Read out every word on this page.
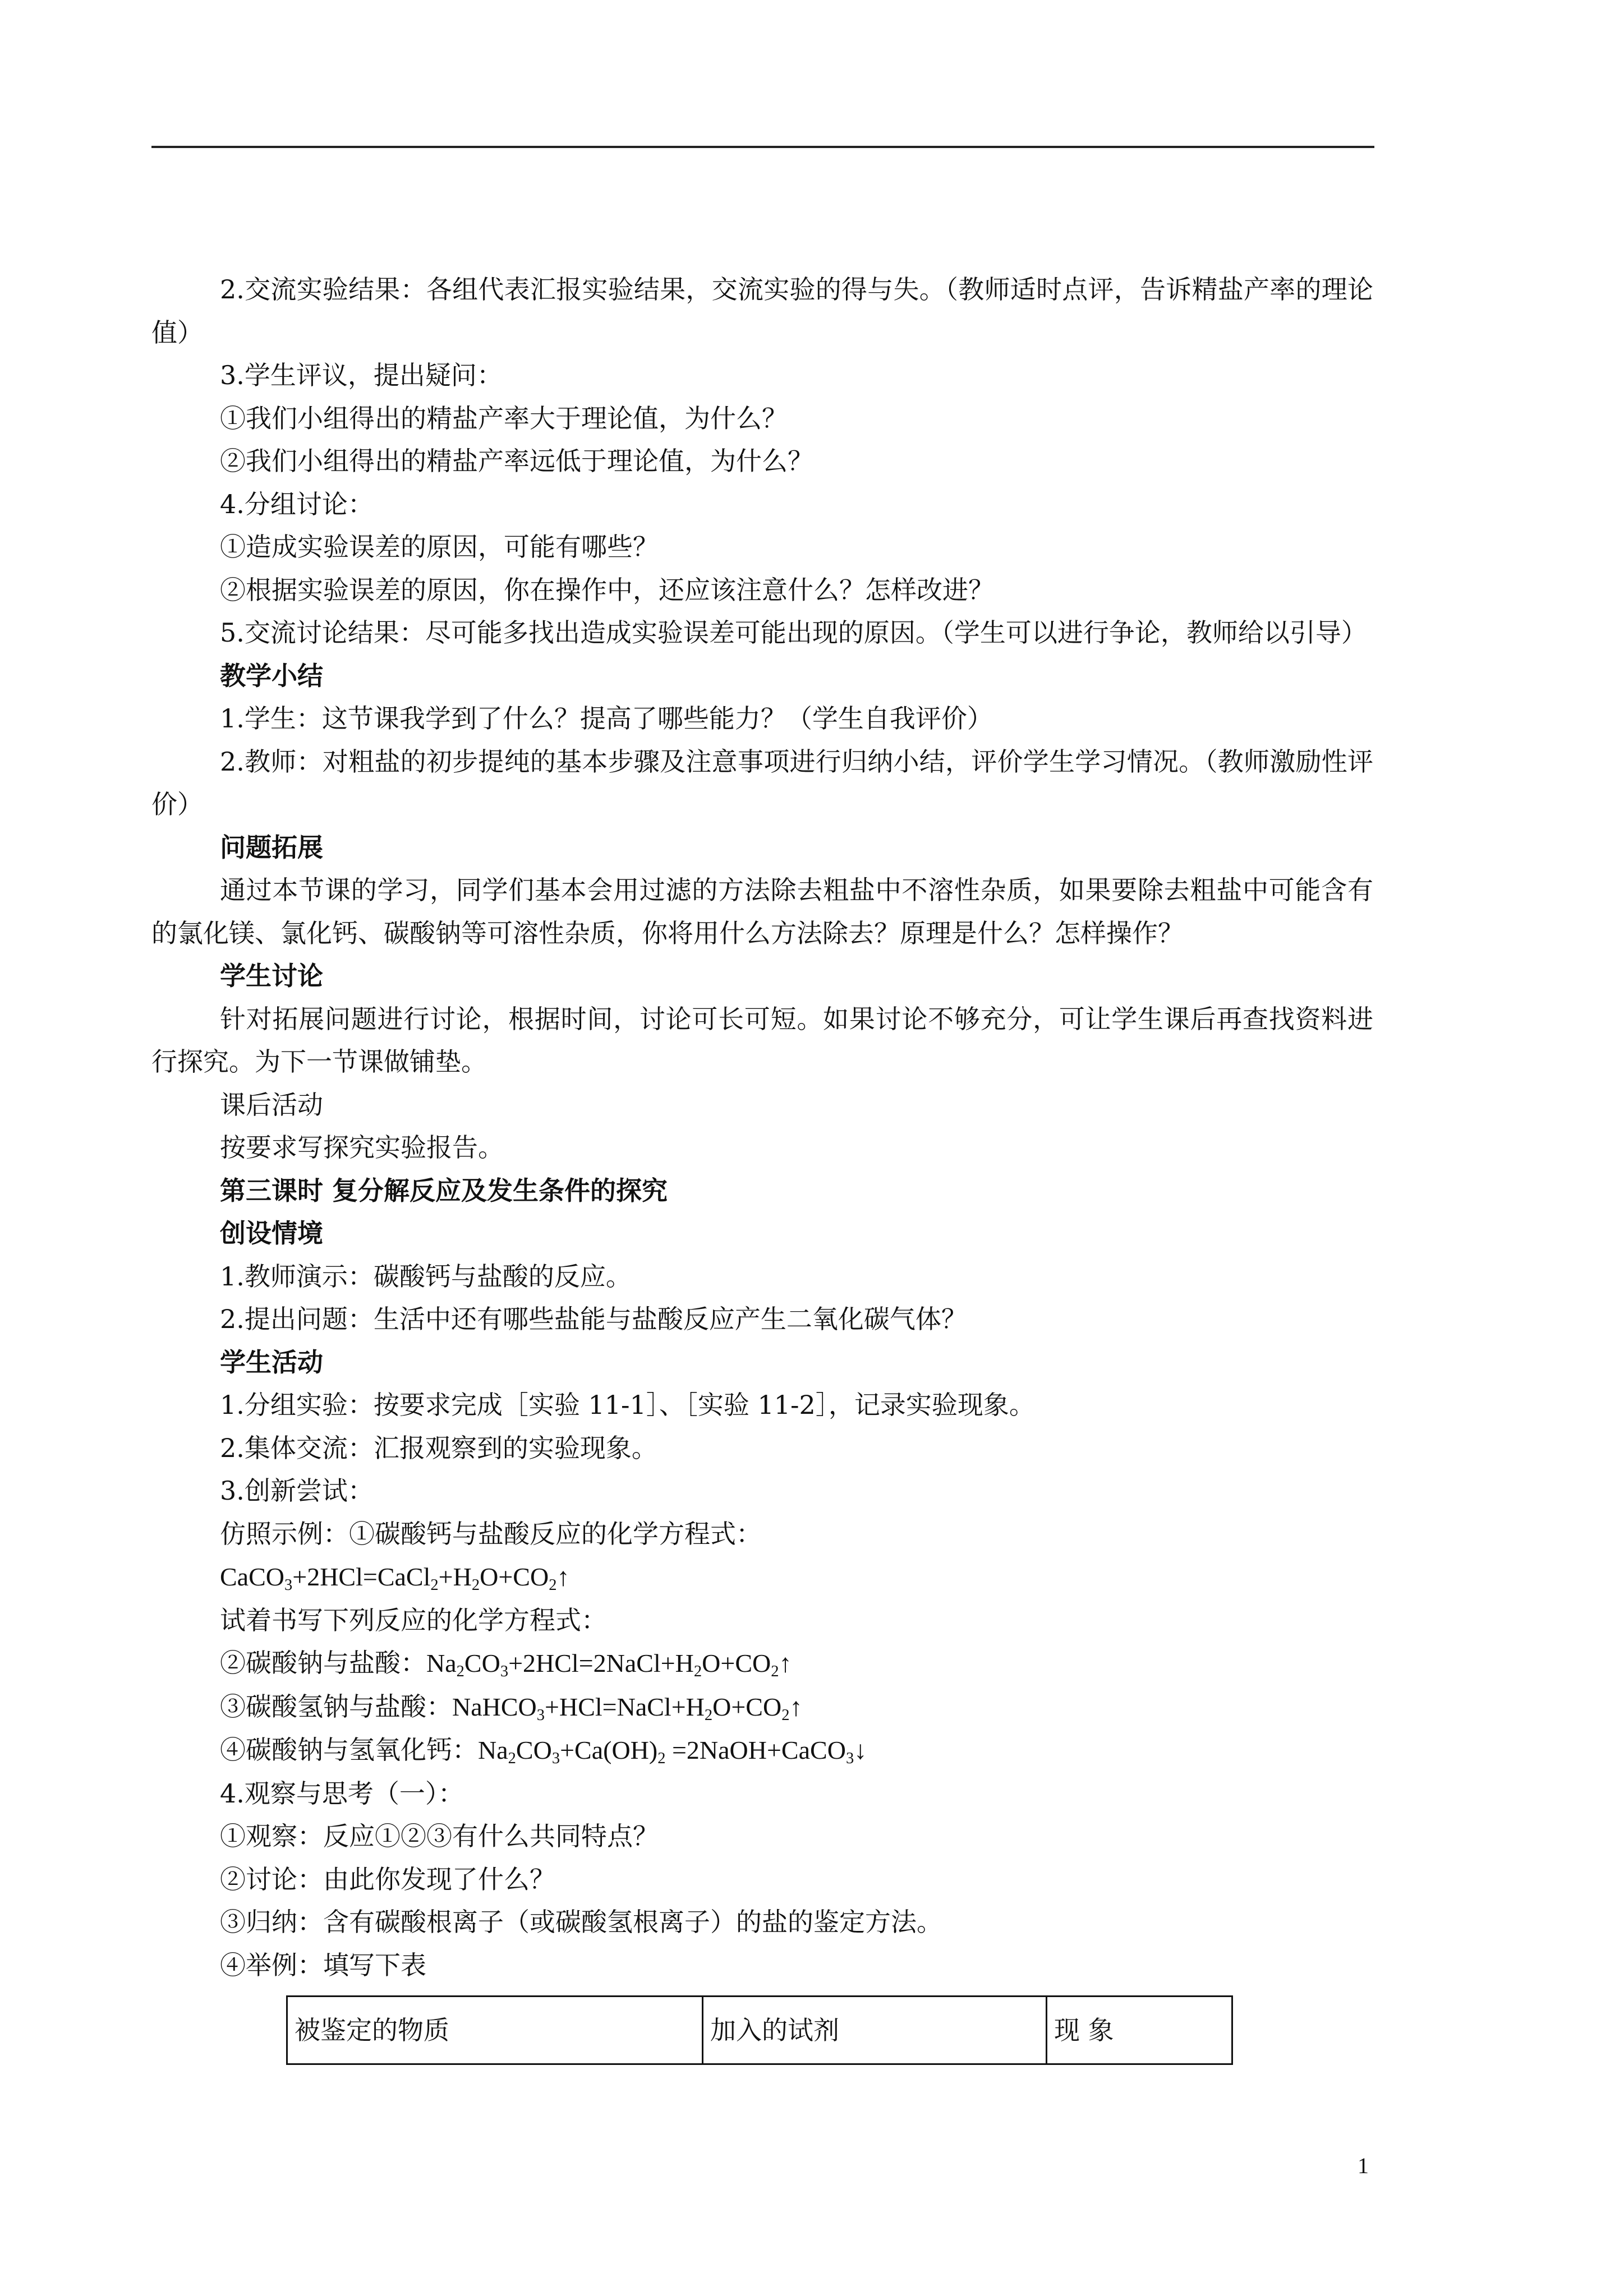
2.交流实验结果：各组代表汇报实验结果，交流实验的得与失。（教师适时点评，告诉精盐产率的理论值）

3.学生评议，提出疑问：

①我们小组得出的精盐产率大于理论值，为什么？

②我们小组得出的精盐产率远低于理论值，为什么？

4.分组讨论：

①造成实验误差的原因，可能有哪些？

②根据实验误差的原因，你在操作中，还应该注意什么？怎样改进？

5.交流讨论结果：尽可能多找出造成实验误差可能出现的原因。（学生可以进行争论，教师给以引导）

教学小结

1.学生：这节课我学到了什么？提高了哪些能力？（学生自我评价）

2.教师：对粗盐的初步提纯的基本步骤及注意事项进行归纳小结，评价学生学习情况。（教师激励性评价）

问题拓展

通过本节课的学习，同学们基本会用过滤的方法除去粗盐中不溶性杂质，如果要除去粗盐中可能含有的氯化镁、氯化钙、碳酸钠等可溶性杂质，你将用什么方法除去？原理是什么？怎样操作？

学生讨论

针对拓展问题进行讨论，根据时间，讨论可长可短。如果讨论不够充分，可让学生课后再查找资料进行探究。为下一节课做铺垫。

课后活动

按要求写探究实验报告。

第三课时 复分解反应及发生条件的探究

创设情境

1.教师演示：碳酸钙与盐酸的反应。

2.提出问题：生活中还有哪些盐能与盐酸反应产生二氧化碳气体？

学生活动

1.分组实验：按要求完成［实验 11-1］、［实验 11-2］，记录实验现象。

2.集体交流：汇报观察到的实验现象。

3.创新尝试：

仿照示例：①碳酸钙与盐酸反应的化学方程式：

$CaCO_3+2HCl=CaCl_2+H_2O+CO_2↑$

试着书写下列反应的化学方程式：

②碳酸钠与盐酸：$Na_2CO_3+2HCl=2NaCl+H_2O+CO_2↑$

③碳酸氢钠与盐酸：$NaHCO_3+HCl=NaCl+H_2O+CO_2↑$

④碳酸钠与氢氧化钙：$Na_2CO_3+Ca(OH)_2$ =2NaOH+CaCO$_3$↓

4.观察与思考（一）：

①观察：反应①②③有什么共同特点？

②讨论：由此你发现了什么？

③归纳：含有碳酸根离子（或碳酸氢根离子）的盐的鉴定方法。

④举例：填写下表

被鉴定的物质	加入的试剂	现 象
1
